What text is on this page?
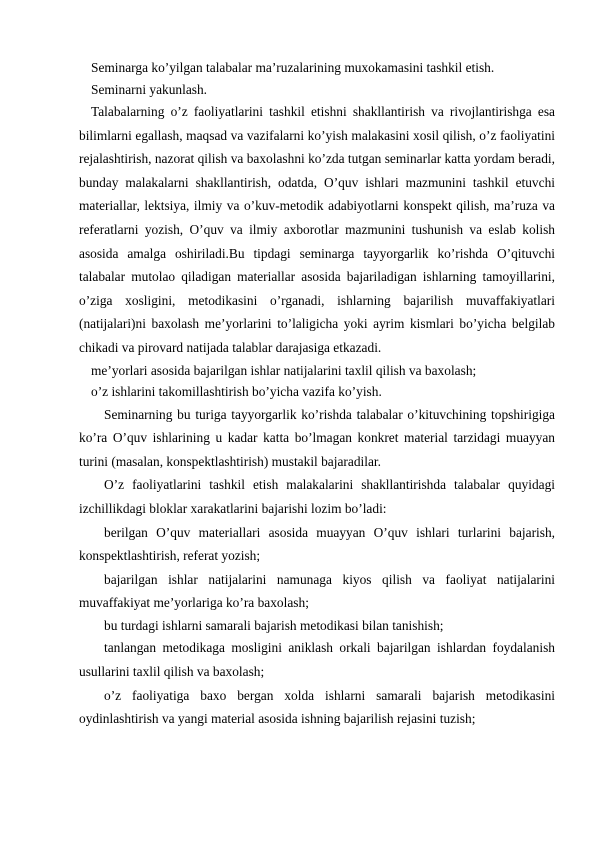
Seminarga ko’yilgan talabalar ma’ruzalarining muxokamasini tashkil etish.

Seminarni yakunlash.

Talabalarning o’z faoliyatlarini tashkil etishni shakllantirish va rivojlantirishga esa bilimlarni egallash, maqsad va vazifalarni ko’yish malakasini xosil qilish, o’z faoliyatini rejalashtirish, nazorat qilish va baxolashni ko’zda tutgan seminarlar katta yordam beradi, bunday malakalarni shakllantirish, odatda, O’quv ishlari mazmunini tashkil etuvchi materiallar, lektsiya, ilmiy va o’kuv-metodik adabiyotlarni konspekt qilish, ma’ruza va referatlarni yozish, O’quv va ilmiy axborotlar mazmunini tushunish va eslab kolish asosida amalga oshiriladi.Bu tipdagi seminarga tayyorgarlik ko’rishda O’qituvchi talabalar mutolao qiladigan materiallar asosida bajariladigan ishlarning tamoyillarini, o’ziga xosligini, metodikasini o’rganadi, ishlarning bajarilish muvaffakiyatlari (natijalari)ni baxolash me’yorlarini to’laligicha yoki ayrim kismlari bo’yicha belgilab chikadi va pirovard natijada talablar darajasiga etkazadi.

me’yorlari asosida bajarilgan ishlar natijalarini taxlil qilish va baxolash;

o’z ishlarini takomillashtirish bo’yicha vazifa ko’yish.

Seminarning bu turiga tayyorgarlik ko’rishda talabalar o’kituvchining topshirigiga ko’ra O’quv ishlarining u kadar katta bo’lmagan konkret material tarzidagi muayyan turini (masalan, konspektlashtirish) mustakil bajaradilar.

O’z faoliyatlarini tashkil etish malakalarini shakllantirishda talabalar quyidagi izchillikdagi bloklar xarakatlarini bajarishi lozim bo’ladi:

berilgan O’quv materiallari asosida muayyan O’quv ishlari turlarini bajarish, konspektlashtirish, referat yozish;

bajarilgan ishlar natijalarini namunaga kiyos qilish va faoliyat natijalarini muvaffakiyat me’yorlariga ko’ra baxolash;

bu turdagi ishlarni samarali bajarish metodikasi bilan tanishish;

tanlangan metodikaga mosligini aniklash orkali bajarilgan ishlardan foydalanish usullarini taxlil qilish va baxolash;

o’z faoliyatiga baxo bergan xolda ishlarni samarali bajarish metodikasini oydinlashtirish va yangi material asosida ishning bajarilish rejasini tuzish;
